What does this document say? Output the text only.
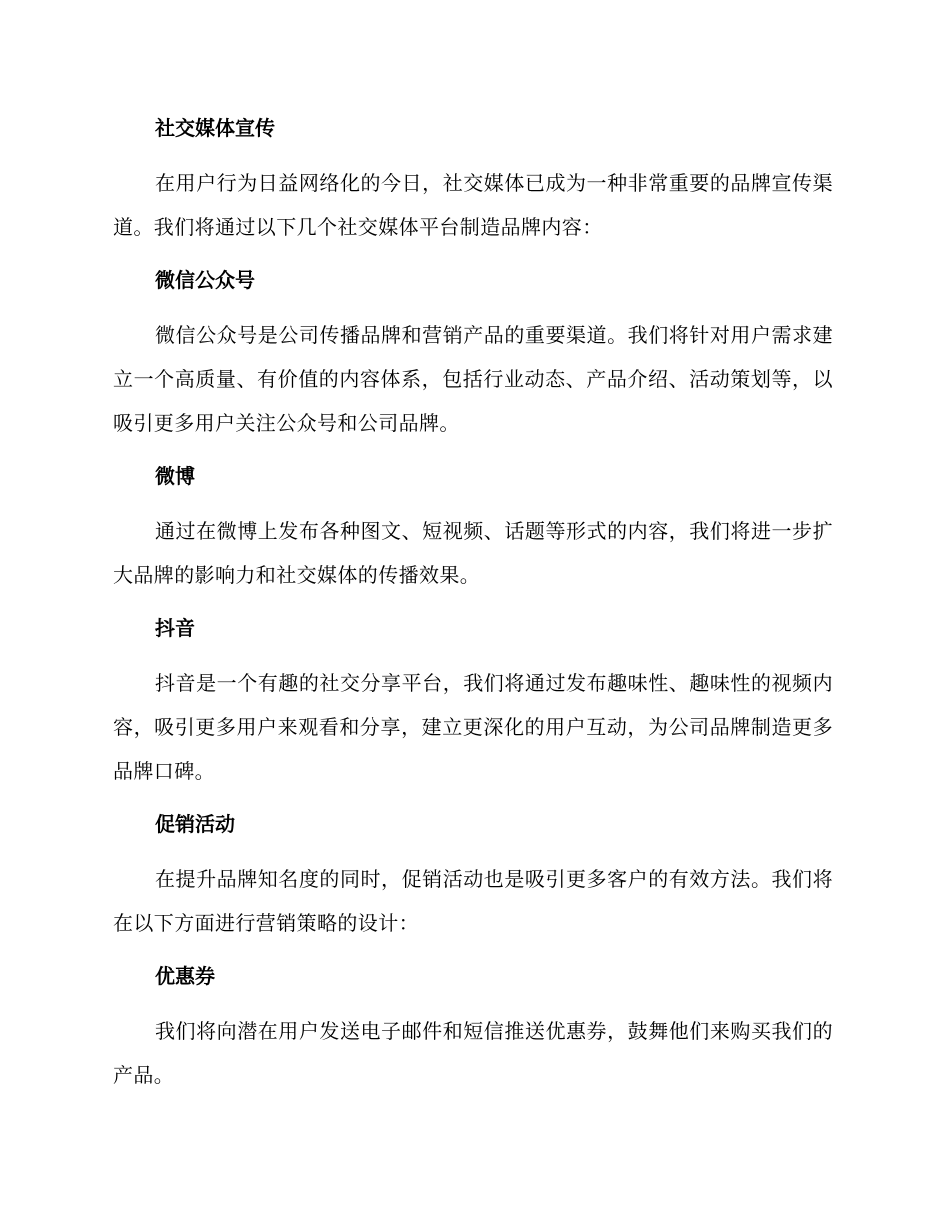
社交媒体宣传

在用户行为日益网络化的今日，社交媒体已成为一种非常重要的品牌宣传渠道。我们将通过以下几个社交媒体平台制造品牌内容：

微信公众号

微信公众号是公司传播品牌和营销产品的重要渠道。我们将针对用户需求建立一个高质量、有价值的内容体系，包括行业动态、产品介绍、活动策划等，以吸引更多用户关注公众号和公司品牌。

微博

通过在微博上发布各种图文、短视频、话题等形式的内容，我们将进一步扩大品牌的影响力和社交媒体的传播效果。

抖音

抖音是一个有趣的社交分享平台，我们将通过发布趣味性、趣味性的视频内容，吸引更多用户来观看和分享，建立更深化的用户互动，为公司品牌制造更多品牌口碑。

促销活动

在提升品牌知名度的同时，促销活动也是吸引更多客户的有效方法。我们将在以下方面进行营销策略的设计：

优惠券

我们将向潜在用户发送电子邮件和短信推送优惠券，鼓舞他们来购买我们的产品。
